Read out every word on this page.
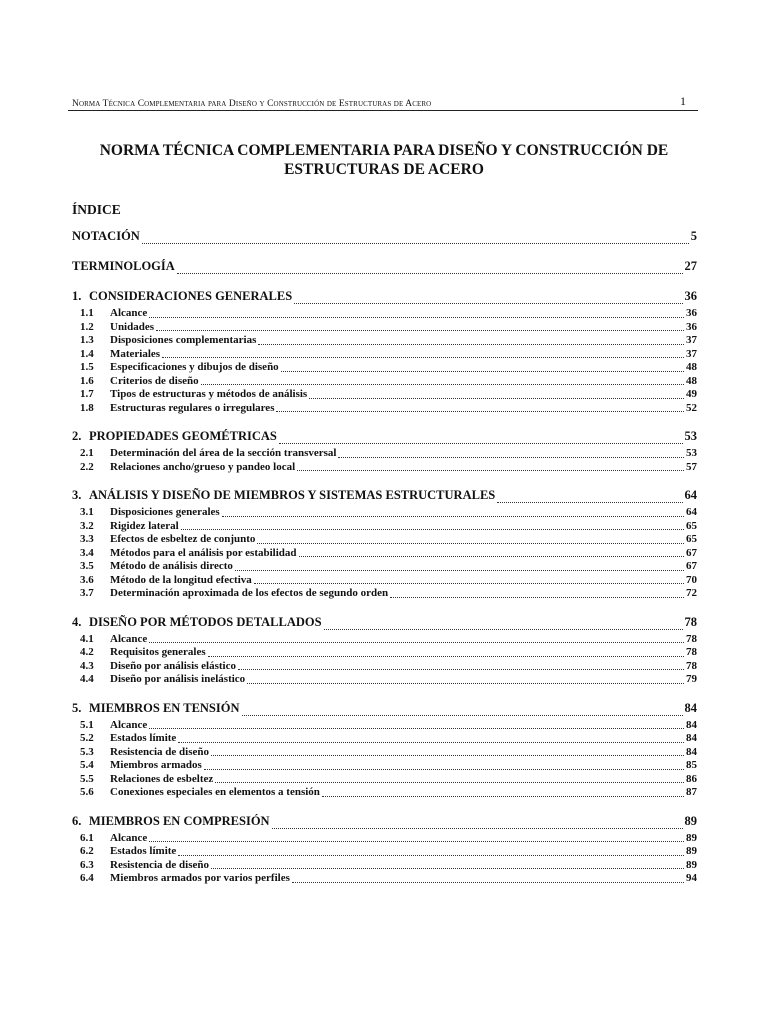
Norma Técnica Complementaria para Diseño y Construcción de Estructuras de Acero	1
NORMA TÉCNICA COMPLEMENTARIA PARA DISEÑO Y CONSTRUCCIÓN DE ESTRUCTURAS DE ACERO
ÍNDICE
NOTACIÓN	5
TERMINOLOGÍA	27
1. CONSIDERACIONES GENERALES	36
1.1	Alcance	36
1.2	Unidades	36
1.3	Disposiciones complementarias	37
1.4	Materiales	37
1.5	Especificaciones y dibujos de diseño	48
1.6	Criterios de diseño	48
1.7	Tipos de estructuras y métodos de análisis	49
1.8	Estructuras regulares o irregulares	52
2. PROPIEDADES GEOMÉTRICAS	53
2.1	Determinación del área de la sección transversal	53
2.2	Relaciones ancho/grueso y pandeo local	57
3. ANÁLISIS Y DISEÑO DE MIEMBROS Y SISTEMAS ESTRUCTURALES	64
3.1	Disposiciones generales	64
3.2	Rigidez lateral	65
3.3	Efectos de esbeltez de conjunto	65
3.4	Métodos para el análisis por estabilidad	67
3.5	Método de análisis directo	67
3.6	Método de la longitud efectiva	70
3.7	Determinación aproximada de los efectos de segundo orden	72
4. DISEÑO POR MÉTODOS DETALLADOS	78
4.1	Alcance	78
4.2	Requisitos generales	78
4.3	Diseño por análisis elástico	78
4.4	Diseño por análisis inelástico	79
5. MIEMBROS EN TENSIÓN	84
5.1	Alcance	84
5.2	Estados límite	84
5.3	Resistencia de diseño	84
5.4	Miembros armados	85
5.5	Relaciones de esbeltez	86
5.6	Conexiones especiales en elementos a tensión	87
6. MIEMBROS EN COMPRESIÓN	89
6.1	Alcance	89
6.2	Estados límite	89
6.3	Resistencia de diseño	89
6.4	Miembros armados por varios perfiles	94
